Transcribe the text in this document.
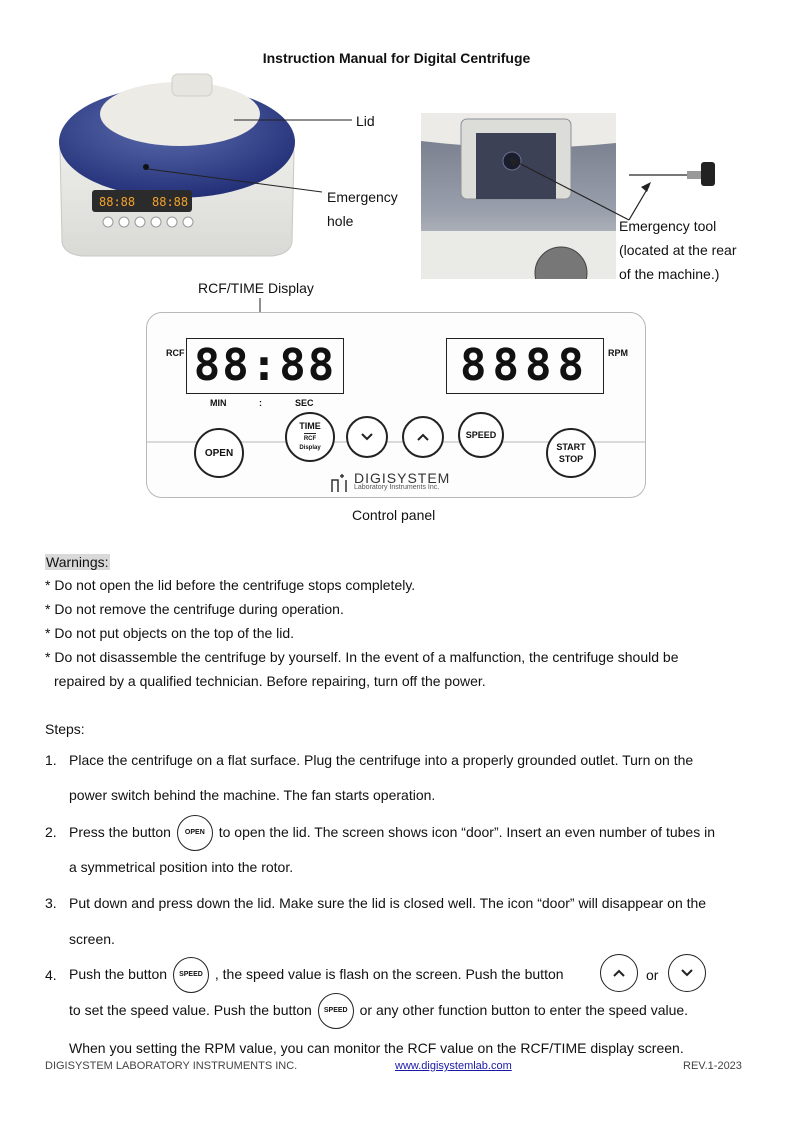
Instruction Manual for Digital Centrifuge
88:88 88:88
Lid
Emergency
hole	Emergency tool
(located at the rear
of the machine.)
RCF/TIME Display
RCF 88:88
MIN	:	SEC
8888 RPM
OPEN
TIME
RCF
Display
SPEED
START
STOP
DIGISYSTEM
Laboratory Instruments Inc.
Control panel
Warnings:
* Do not open the lid before the centrifuge stops completely.
* Do not remove the centrifuge during operation.
* Do not put objects on the top of the lid.
* Do not disassemble the centrifuge by yourself. In the event of a malfunction, the centrifuge should be
repaired by a qualified technician. Before repairing, turn off the power.
Steps:
1. Place the centrifuge on a flat surface. Plug the centrifuge into a properly grounded outlet. Turn on the
power switch behind the machine. The fan starts operation.
2. Press the button OPEN to open the lid. The screen shows icon “door”. Insert an even number of tubes in
a symmetrical position into the rotor.
3. Put down and press down the lid. Make sure the lid is closed well. The icon “door” will disappear on the
screen.
4. Push the button SPEED , the speed value is flash on the screen. Push the button	or
to set the speed value. Push the button SPEED or any other function button to enter the speed value.
When you setting the RPM value, you can monitor the RCF value on the RCF/TIME display screen.
DIGISYSTEM LABORATORY INSTRUMENTS INC.	www.digisystemlab.com	REV.1-2023
